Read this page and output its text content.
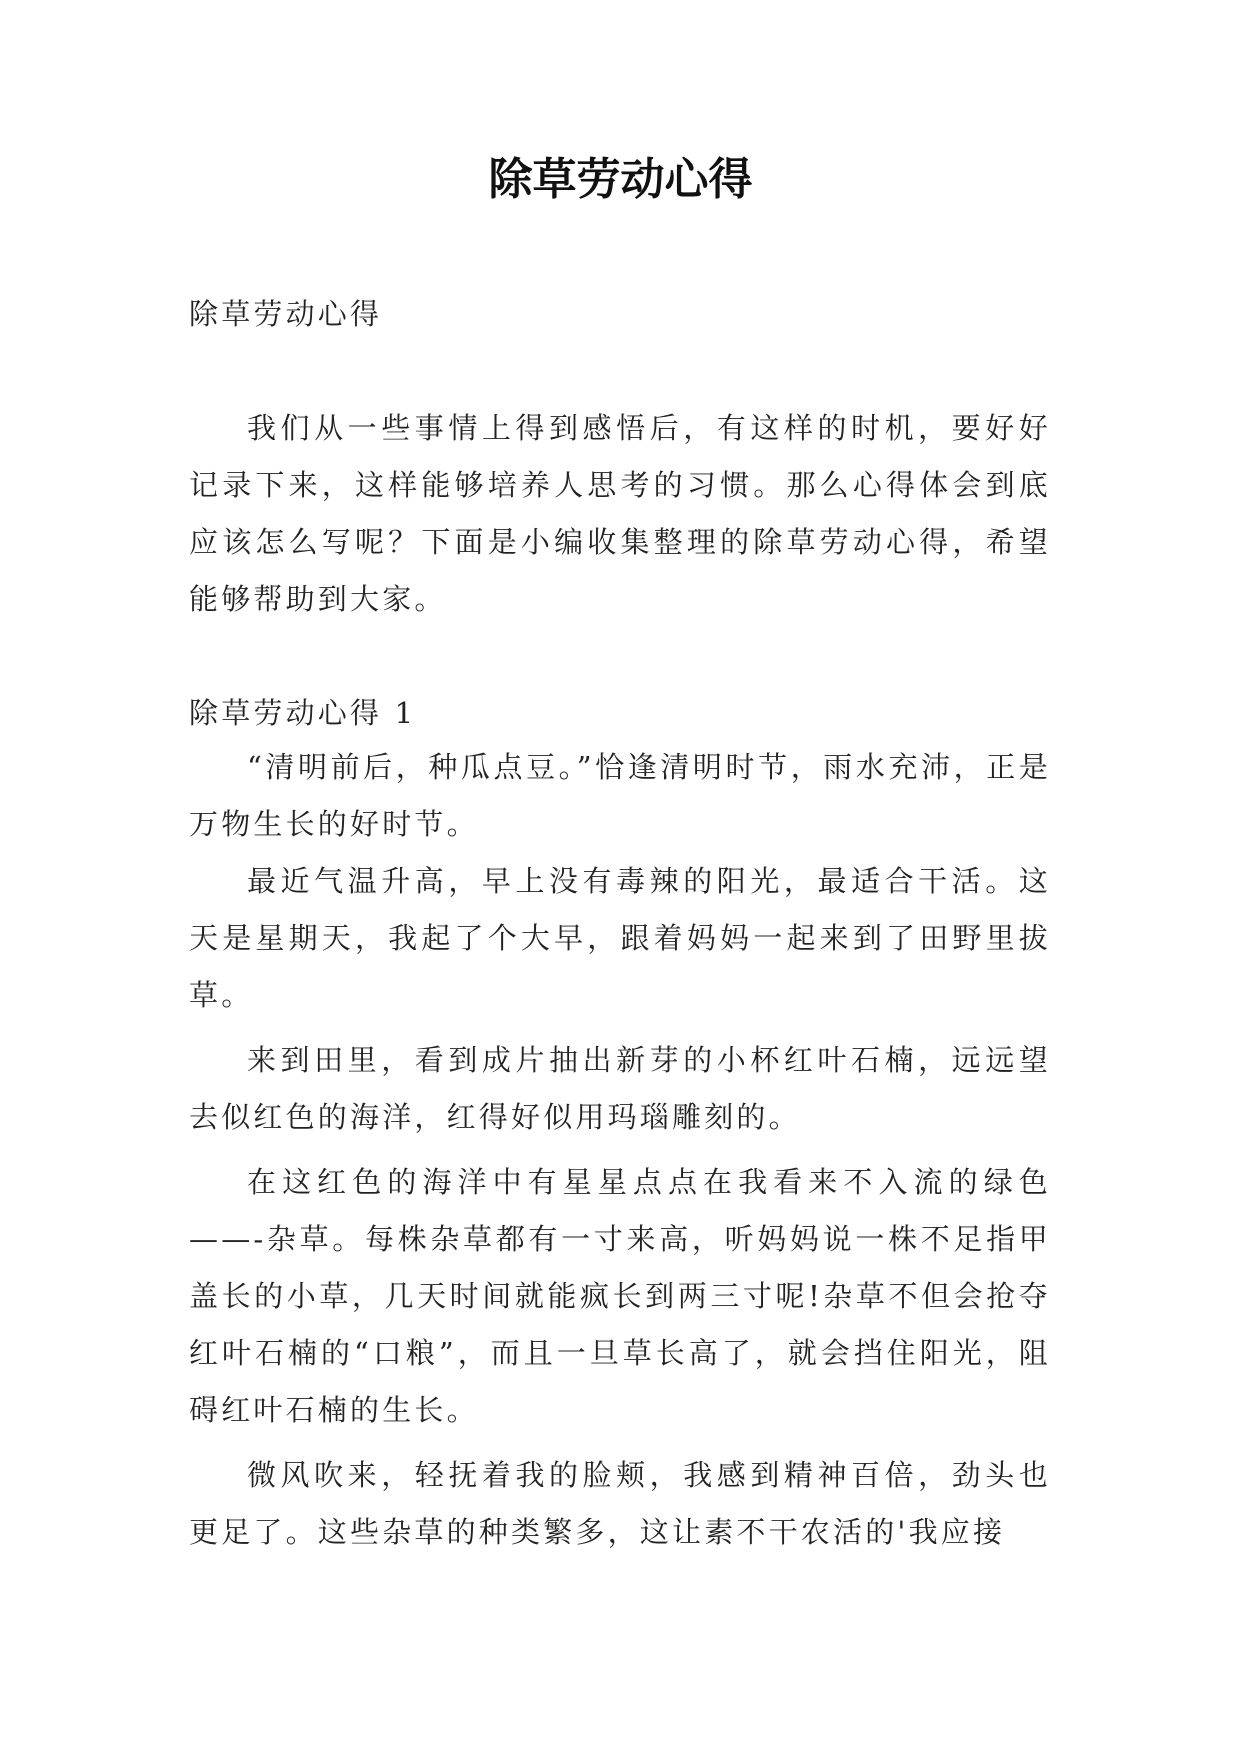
除草劳动心得

除草劳动心得

我们从一些事情上得到感悟后，有这样的时机，要好好记录下来，这样能够培养人思考的习惯。那么心得体会到底应该怎么写呢？下面是小编收集整理的除草劳动心得，希望能够帮助到大家。

除草劳动心得 1

“清明前后，种瓜点豆。”恰逢清明时节，雨水充沛，正是万物生长的好时节。

最近气温升高，早上没有毒辣的阳光，最适合干活。这天是星期天，我起了个大早，跟着妈妈一起来到了田野里拔草。

来到田里，看到成片抽出新芽的小杯红叶石楠，远远望去似红色的海洋，红得好似用玛瑙雕刻的。

在这红色的海洋中有星星点点在我看来不入流的绿色——-杂草。每株杂草都有一寸来高，听妈妈说一株不足指甲盖长的小草，几天时间就能疯长到两三寸呢!杂草不但会抢夺红叶石楠的“口粮”，而且一旦草长高了，就会挡住阳光，阻碍红叶石楠的生长。

微风吹来，轻抚着我的脸颊，我感到精神百倍，劲头也更足了。这些杂草的种类繁多，这让素不干农活的'我应接
